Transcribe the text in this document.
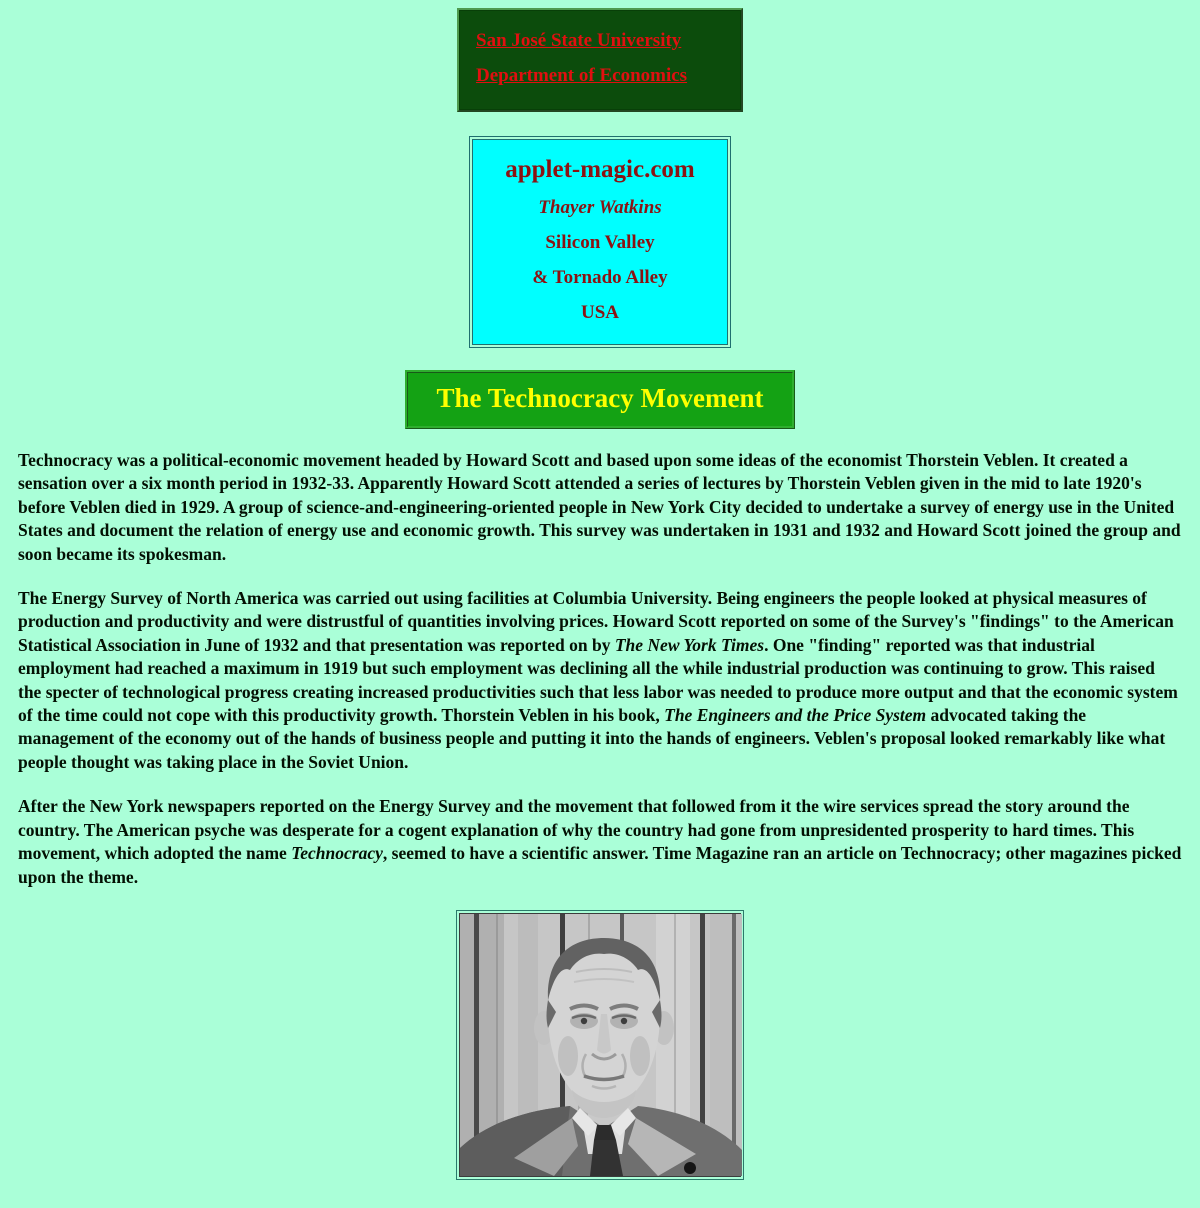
San José State University
Department of Economics
applet-magic.com
Thayer Watkins
Silicon Valley
& Tornado Alley
USA
The Technocracy Movement

Technocracy was a political-economic movement headed by Howard Scott and based upon some ideas of the economist Thorstein Veblen. It created a sensation over a six month period in 1932-33. Apparently Howard Scott attended a series of lectures by Thorstein Veblen given in the mid to late 1920's before Veblen died in 1929. A group of science-and-engineering-oriented people in New York City decided to undertake a survey of energy use in the United States and document the relation of energy use and economic growth. This survey was undertaken in 1931 and 1932 and Howard Scott joined the group and soon became its spokesman.

The Energy Survey of North America was carried out using facilities at Columbia University. Being engineers the people looked at physical measures of production and productivity and were distrustful of quantities involving prices. Howard Scott reported on some of the Survey's "findings" to the American Statistical Association in June of 1932 and that presentation was reported on by The New York Times. One "finding" reported was that industrial employment had reached a maximum in 1919 but such employment was declining all the while industrial production was continuing to grow. This raised the specter of technological progress creating increased productivities such that less labor was needed to produce more output and that the economic system of the time could not cope with this productivity growth. Thorstein Veblen in his book, The Engineers and the Price System advocated taking the management of the economy out of the hands of business people and putting it into the hands of engineers. Veblen's proposal looked remarkably like what people thought was taking place in the Soviet Union.

After the New York newspapers reported on the Energy Survey and the movement that followed from it the wire services spread the story around the country. The American psyche was desperate for a cogent explanation of why the country had gone from unpresidented prosperity to hard times. This movement, which adopted the name Technocracy, seemed to have a scientific answer. Time Magazine ran an article on Technocracy; other magazines picked upon the theme.
